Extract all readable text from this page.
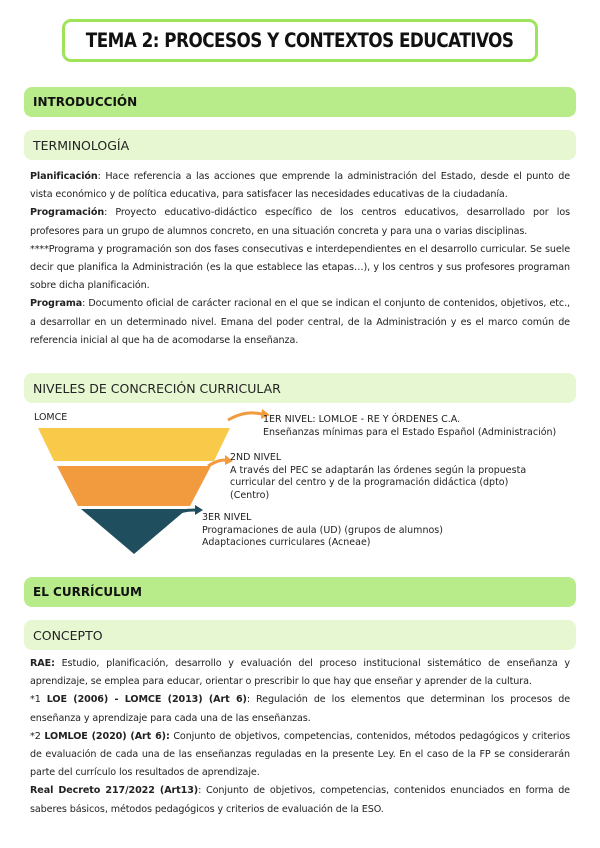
TEMA 2: PROCESOS Y CONTEXTOS EDUCATIVOS
INTRODUCCIÓN
TERMINOLOGÍA

Planificación: Hace referencia a las acciones que emprende la administración del Estado, desde el punto de vista económico y de política educativa, para satisfacer las necesidades educativas de la ciudadanía.

Programación: Proyecto educativo-didáctico específico de los centros educativos, desarrollado por los profesores para un grupo de alumnos concreto, en una situación concreta y para una o varias disciplinas.

****Programa y programación son dos fases consecutivas e interdependientes en el desarrollo curricular. Se suele decir que planifica la Administración (es la que establece las etapas…), y los centros y sus profesores programan sobre dicha planificación.

Programa: Documento oficial de carácter racional en el que se indican el conjunto de contenidos, objetivos, etc., a desarrollar en un determinado nivel. Emana del poder central, de la Administración y es el marco común de referencia inicial al que ha de acomodarse la enseñanza.

NIVELES DE CONCRECIÓN CURRICULAR
LOMCE	1ER NIVEL: LOMLOE - RE Y ÓRDENES C.A.
Enseñanzas mínimas para el Estado Español (Administración)
2ND NIVEL
A través del PEC se adaptarán las órdenes según la propuesta
curricular del centro y de la programación didáctica (dpto)
(Centro)
3ER NIVEL
Programaciones de aula (UD) (grupos de alumnos)
Adaptaciones curriculares (Acneae)
EL CURRÍCULUM
CONCEPTO

RAE: Estudio, planificación, desarrollo y evaluación del proceso institucional sistemático de enseñanza y aprendizaje, se emplea para educar, orientar o prescribir lo que hay que enseñar y aprender de la cultura.

*1 LOE (2006) - LOMCE (2013) (Art 6): Regulación de los elementos que determinan los procesos de enseñanza y aprendizaje para cada una de las enseñanzas.

*2 LOMLOE (2020) (Art 6): Conjunto de objetivos, competencias, contenidos, métodos pedagógicos y criterios de evaluación de cada una de las enseñanzas reguladas en la presente Ley. En el caso de la FP se considerarán parte del currículo los resultados de aprendizaje.

Real Decreto 217/2022 (Art13): Conjunto de objetivos, competencias, contenidos enunciados en forma de saberes básicos, métodos pedagógicos y criterios de evaluación de la ESO.
